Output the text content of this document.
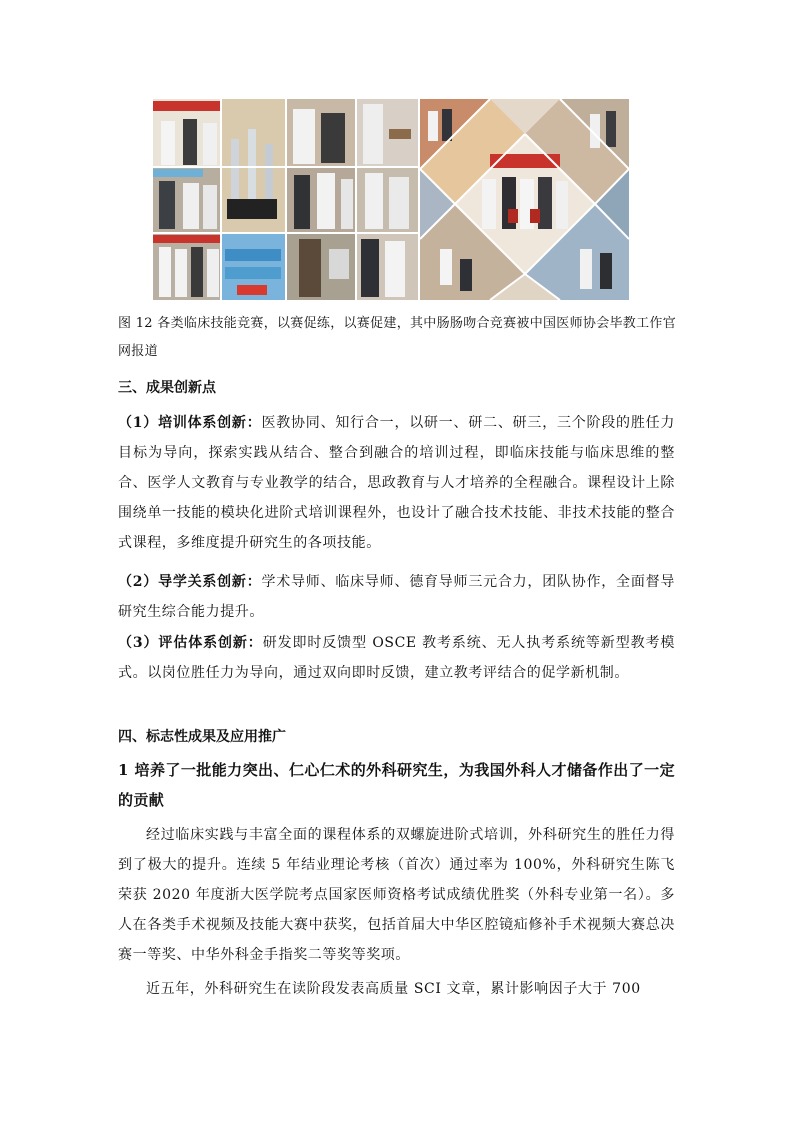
图 12 各类临床技能竞赛，以赛促练，以赛促建，其中肠肠吻合竞赛被中国医师协会毕教工作官网报道
三、成果创新点
（1）培训体系创新：医教协同、知行合一，以研一、研二、研三，三个阶段的胜任力目标为导向，探索实践从结合、整合到融合的培训过程，即临床技能与临床思维的整合、医学人文教育与专业教学的结合，思政教育与人才培养的全程融合。课程设计上除围绕单一技能的模块化进阶式培训课程外，也设计了融合技术技能、非技术技能的整合式课程，多维度提升研究生的各项技能。
（2）导学关系创新：学术导师、临床导师、德育导师三元合力，团队协作，全面督导研究生综合能力提升。
（3）评估体系创新：研发即时反馈型 OSCE 教考系统、无人执考系统等新型教考模式。以岗位胜任力为导向，通过双向即时反馈，建立教考评结合的促学新机制。
四、标志性成果及应用推广
1 培养了一批能力突出、仁心仁术的外科研究生，为我国外科人才储备作出了一定的贡献
经过临床实践与丰富全面的课程体系的双螺旋进阶式培训，外科研究生的胜任力得到了极大的提升。连续 5 年结业理论考核（首次）通过率为 100%，外科研究生陈飞荣获 2020 年度浙大医学院考点国家医师资格考试成绩优胜奖（外科专业第一名）。多人在各类手术视频及技能大赛中获奖，包括首届大中华区腔镜疝修补手术视频大赛总决赛一等奖、中华外科金手指奖二等奖等奖项。
近五年，外科研究生在读阶段发表高质量 SCI 文章，累计影响因子大于 700
